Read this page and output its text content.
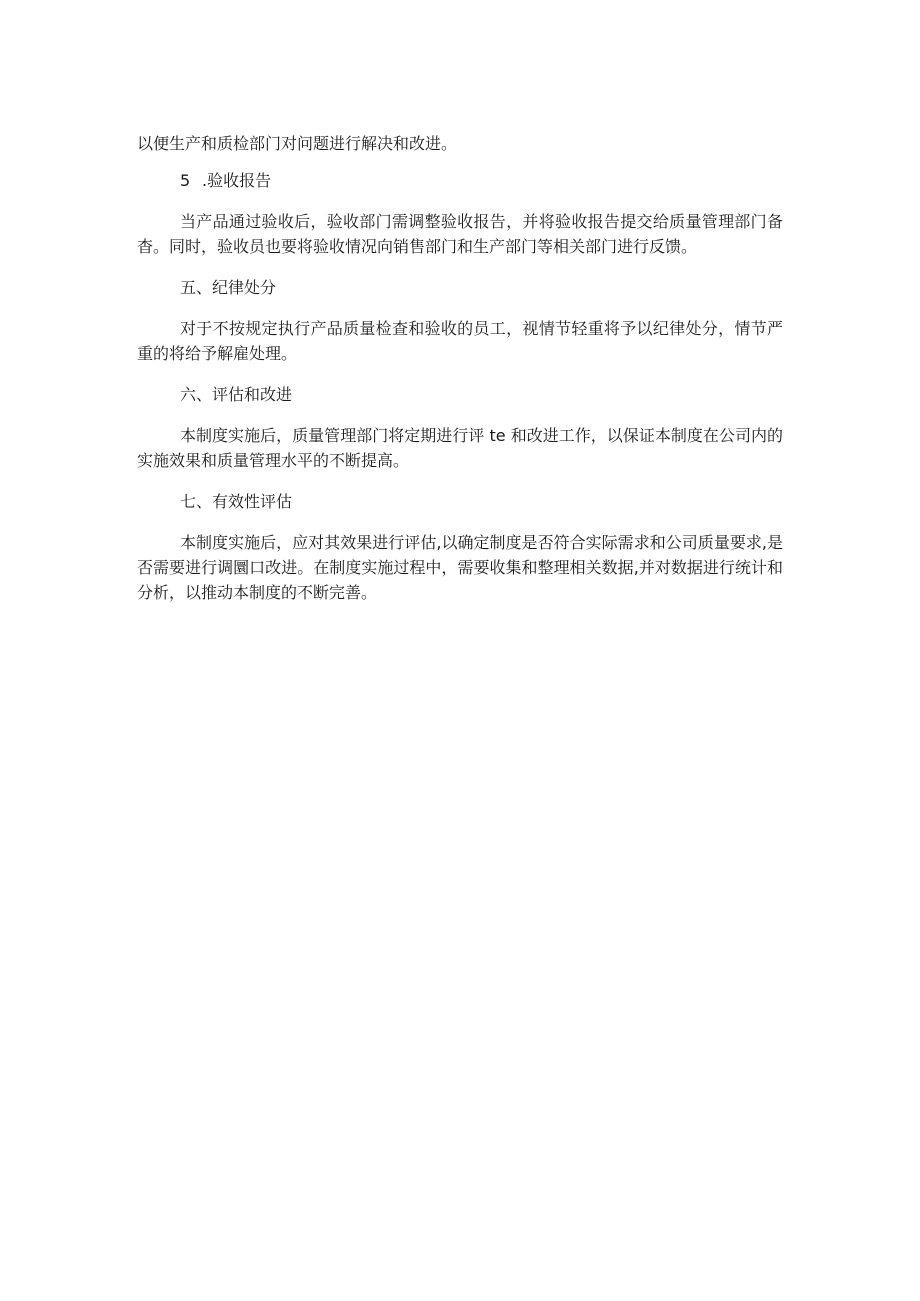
以便生产和质检部门对问题进行解决和改进。

5 .验收报告

当产品通过验收后，验收部门需调整验收报告，并将验收报告提交给质量管理部门备杳。同时，验收员也要将验收情况向销售部门和生产部门等相关部门进行反馈。

五、纪律处分

对于不按规定执行产品质量检查和验收的员工，视情节轻重将予以纪律处分，情节严重的将给予解雇处理。

六、评估和改进

本制度实施后，质量管理部门将定期进行评 te 和改进工作，以保证本制度在公司内的实施效果和质量管理水平的不断提高。

七、有效性评估

本制度实施后，应对其效果进行评估,以确定制度是否符合实际需求和公司质量要求,是否需要进行调圜口改进。在制度实施过程中，需要收集和整理相关数据,并对数据进行统计和分析，以推动本制度的不断完善。
